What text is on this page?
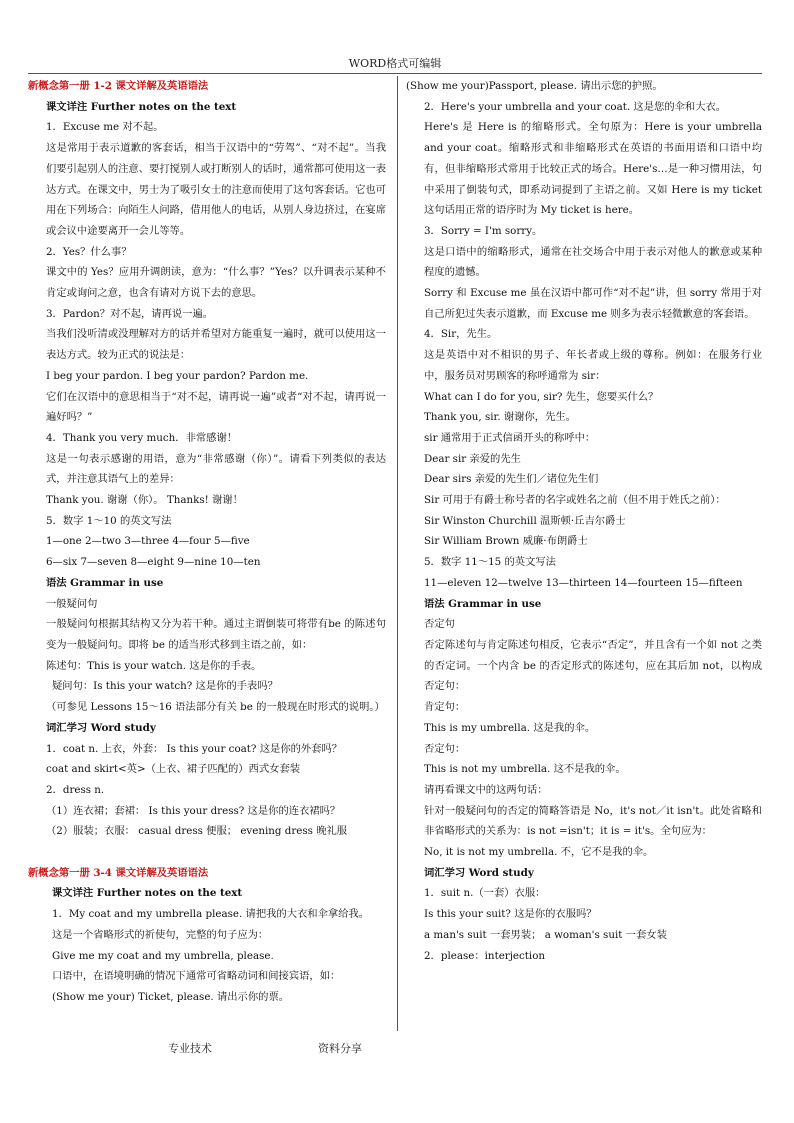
WORD格式可编辑

新概念第一册 1-2 课文详解及英语语法

课文详注 Further notes on the text

1．Excuse me 对不起。

这是常用于表示道歉的客套话，相当于汉语中的“劳驾”、“对不起”。当我们要引起别人的注意、要打搅别人或打断别人的话时，通常都可使用这一表达方式。在课文中，男士为了吸引女士的注意而使用了这句客套话。它也可用在下列场合：向陌生人问路，借用他人的电话，从别人身边挤过，在宴席或会议中途要离开一会儿等等。

2．Yes？什么事？

课文中的 Yes？应用升调朗读，意为：“什么事？”Yes？以升调表示某种不肯定或询问之意，也含有请对方说下去的意思。

3．Pardon？对不起，请再说一遍。

当我们没听清或没理解对方的话并希望对方能重复一遍时，就可以使用这一表达方式。较为正式的说法是：

I beg your pardon. I beg your pardon? Pardon me.

它们在汉语中的意思相当于“对不起，请再说一遍”或者“对不起，请再说一遍好吗？”

4．Thank you very much．非常感谢！

这是一句表示感谢的用语，意为“非常感谢（你）”。请看下列类似的表达式，并注意其语气上的差异：

Thank you. 谢谢（你）。 Thanks! 谢谢！

5．数字 1～10 的英文写法

1—one 2—two 3—three 4—four 5—five

6—six 7—seven 8—eight 9—nine 10—ten

语法 Grammar in use

一般疑问句

一般疑问句根据其结构又分为若干种。通过主谓倒装可将带有be 的陈述句变为一般疑问句。即将 be 的适当形式移到主语之前，如：

陈述句：This is your watch. 这是你的手表。

疑问句：Is this your watch? 这是你的手表吗？

（可参见 Lessons 15～16 语法部分有关 be 的一般现在时形式的说明。）

词汇学习 Word study

1．coat n. 上衣，外套： Is this your coat? 这是你的外套吗？

coat and skirt<英>（上衣、裙子匹配的）西式女套装

2．dress n.

（1）连衣裙；套裙： Is this your dress? 这是你的连衣裙吗？

（2）服装；衣服： casual dress 便服； evening dress 晚礼服

新概念第一册 3-4 课文详解及英语语法

课文详注 Further notes on the text

1．My coat and my umbrella please. 请把我的大衣和伞拿给我。

这是一个省略形式的祈使句，完整的句子应为：

Give me my coat and my umbrella, please.

口语中，在语境明确的情况下通常可省略动词和间接宾语，如：

(Show me your) Ticket, please. 请出示你的票。

(Show me your)Passport, please. 请出示您的护照。

2．Here's your umbrella and your coat. 这是您的伞和大衣。

Here's 是 Here is 的缩略形式。全句原为：Here is your umbrella and your coat。缩略形式和非缩略形式在英语的书面用语和口语中均有，但非缩略形式常用于比较正式的场合。Here's…是一种习惯用法，句中采用了倒装句式，即系动词提到了主语之前。又如 Here is my ticket 这句话用正常的语序时为 My ticket is here。

3．Sorry = I'm sorry。

这是口语中的缩略形式，通常在社交场合中用于表示对他人的歉意或某种程度的遗憾。

Sorry 和 Excuse me 虽在汉语中都可作“对不起”讲，但 sorry 常用于对自己所犯过失表示道歉，而 Excuse me 则多为表示轻微歉意的客套语。

4．Sir，先生。

这是英语中对不相识的男子、年长者或上级的尊称。例如：在服务行业中，服务员对男顾客的称呼通常为 sir：

What can I do for you, sir? 先生，您要买什么？

Thank you, sir. 谢谢你，先生。

sir 通常用于正式信函开头的称呼中：

Dear sir 亲爱的先生

Dear sirs 亲爱的先生们／诸位先生们

Sir 可用于有爵士称号者的名字或姓名之前（但不用于姓氏之前）：

Sir Winston Churchill 温斯顿·丘吉尔爵士

Sir William Brown 威廉·布朗爵士

5．数字 11～15 的英文写法

11—eleven 12—twelve 13—thirteen 14—fourteen 15—fifteen

语法 Grammar in use

否定句

否定陈述句与肯定陈述句相反，它表示“否定”，并且含有一个如 not 之类的否定词。一个内含 be 的否定形式的陈述句，应在其后加 not，以构成否定句：

肯定句：

This is my umbrella. 这是我的伞。

否定句：

This is not my umbrella. 这不是我的伞。

请再看课文中的这两句话：

针对一般疑问句的否定的简略答语是 No，it's not／it isn't。此处省略和非省略形式的关系为：is not =isn't；it is = it's。全句应为：

No, it is not my umbrella. 不，它不是我的伞。

词汇学习 Word study

1．suit n.（一套）衣服：

Is this your suit? 这是你的衣服吗？

a man's suit 一套男装； a woman's suit 一套女装

2．please：interjection

专业技术	资料分享
